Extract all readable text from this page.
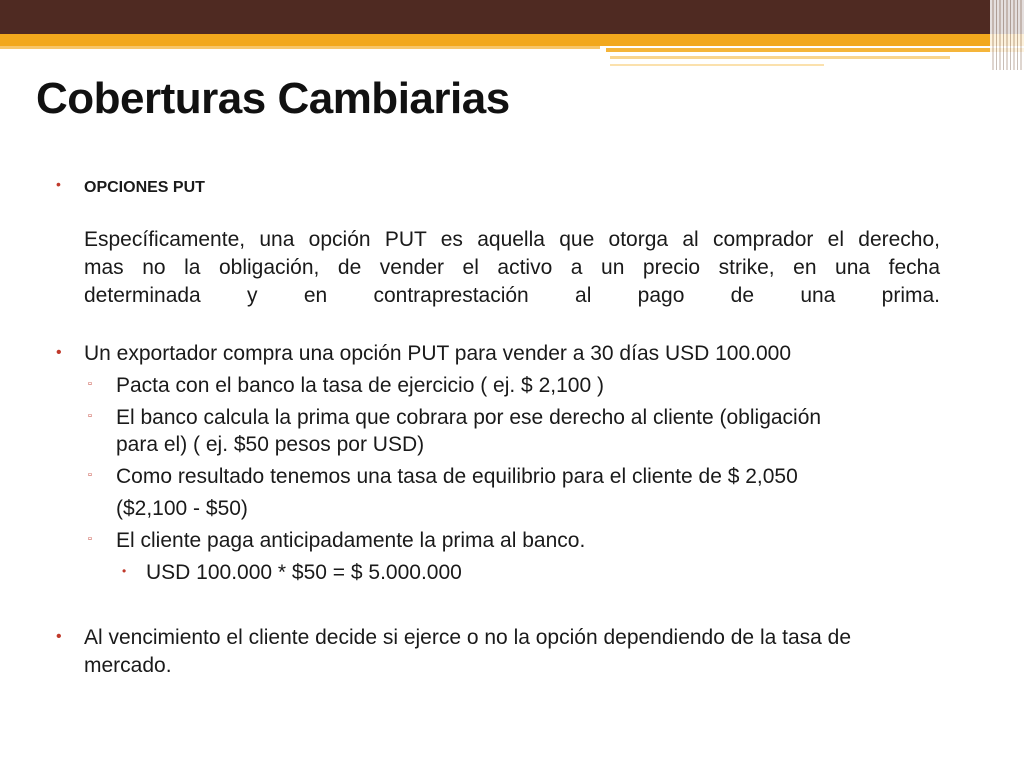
Coberturas Cambiarias
• OPCIONES PUT
Específicamente, una opción PUT es aquella que otorga al comprador el derecho,
mas no la obligación, de vender el activo a un precio strike, en una fecha
determinada y en contraprestación al pago de una prima.
• Un exportador compra una opción PUT para vender a 30 días USD 100.000
▫ Pacta con el banco la tasa de ejercicio ( ej. $ 2,100 )
▫ El banco calcula la prima que cobrara por ese derecho al cliente (obligación
para el) ( ej. $50 pesos por USD)
▫ Como resultado tenemos una tasa de equilibrio para el cliente de $ 2,050
($2,100 - $50)
▫ El cliente paga anticipadamente la prima al banco.
• USD 100.000 * $50 = $ 5.000.000
• Al vencimiento el cliente decide si ejerce o no la opción dependiendo de la tasa de
mercado.
